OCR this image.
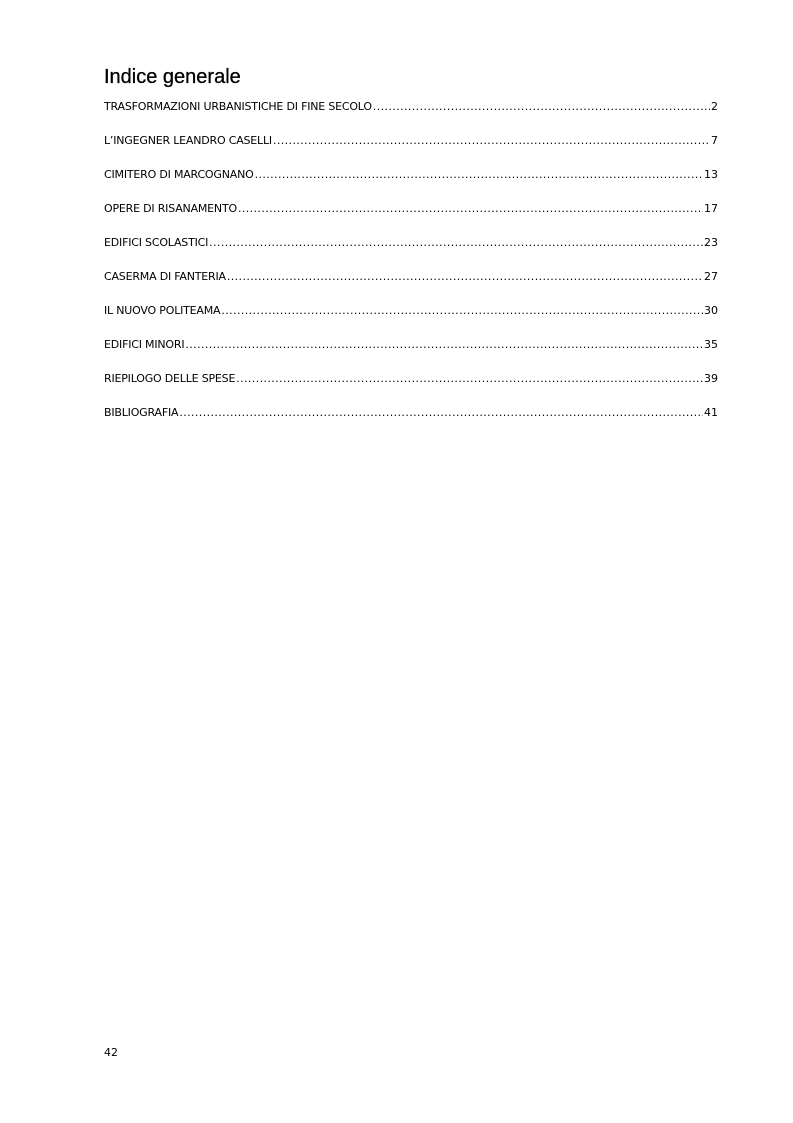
Indice generale
TRASFORMAZIONI URBANISTICHE DI FINE SECOLO .....	2
L’INGEGNER LEANDRO CASELLI .....	7
CIMITERO DI MARCOGNANO .....	13
OPERE DI RISANAMENTO .....	17
EDIFICI SCOLASTICI .....	23
CASERMA DI FANTERIA .....	27
IL NUOVO POLITEAMA .....	30
EDIFICI MINORI .....	35
RIEPILOGO DELLE SPESE .....	39
BIBLIOGRAFIA .....	41
42
